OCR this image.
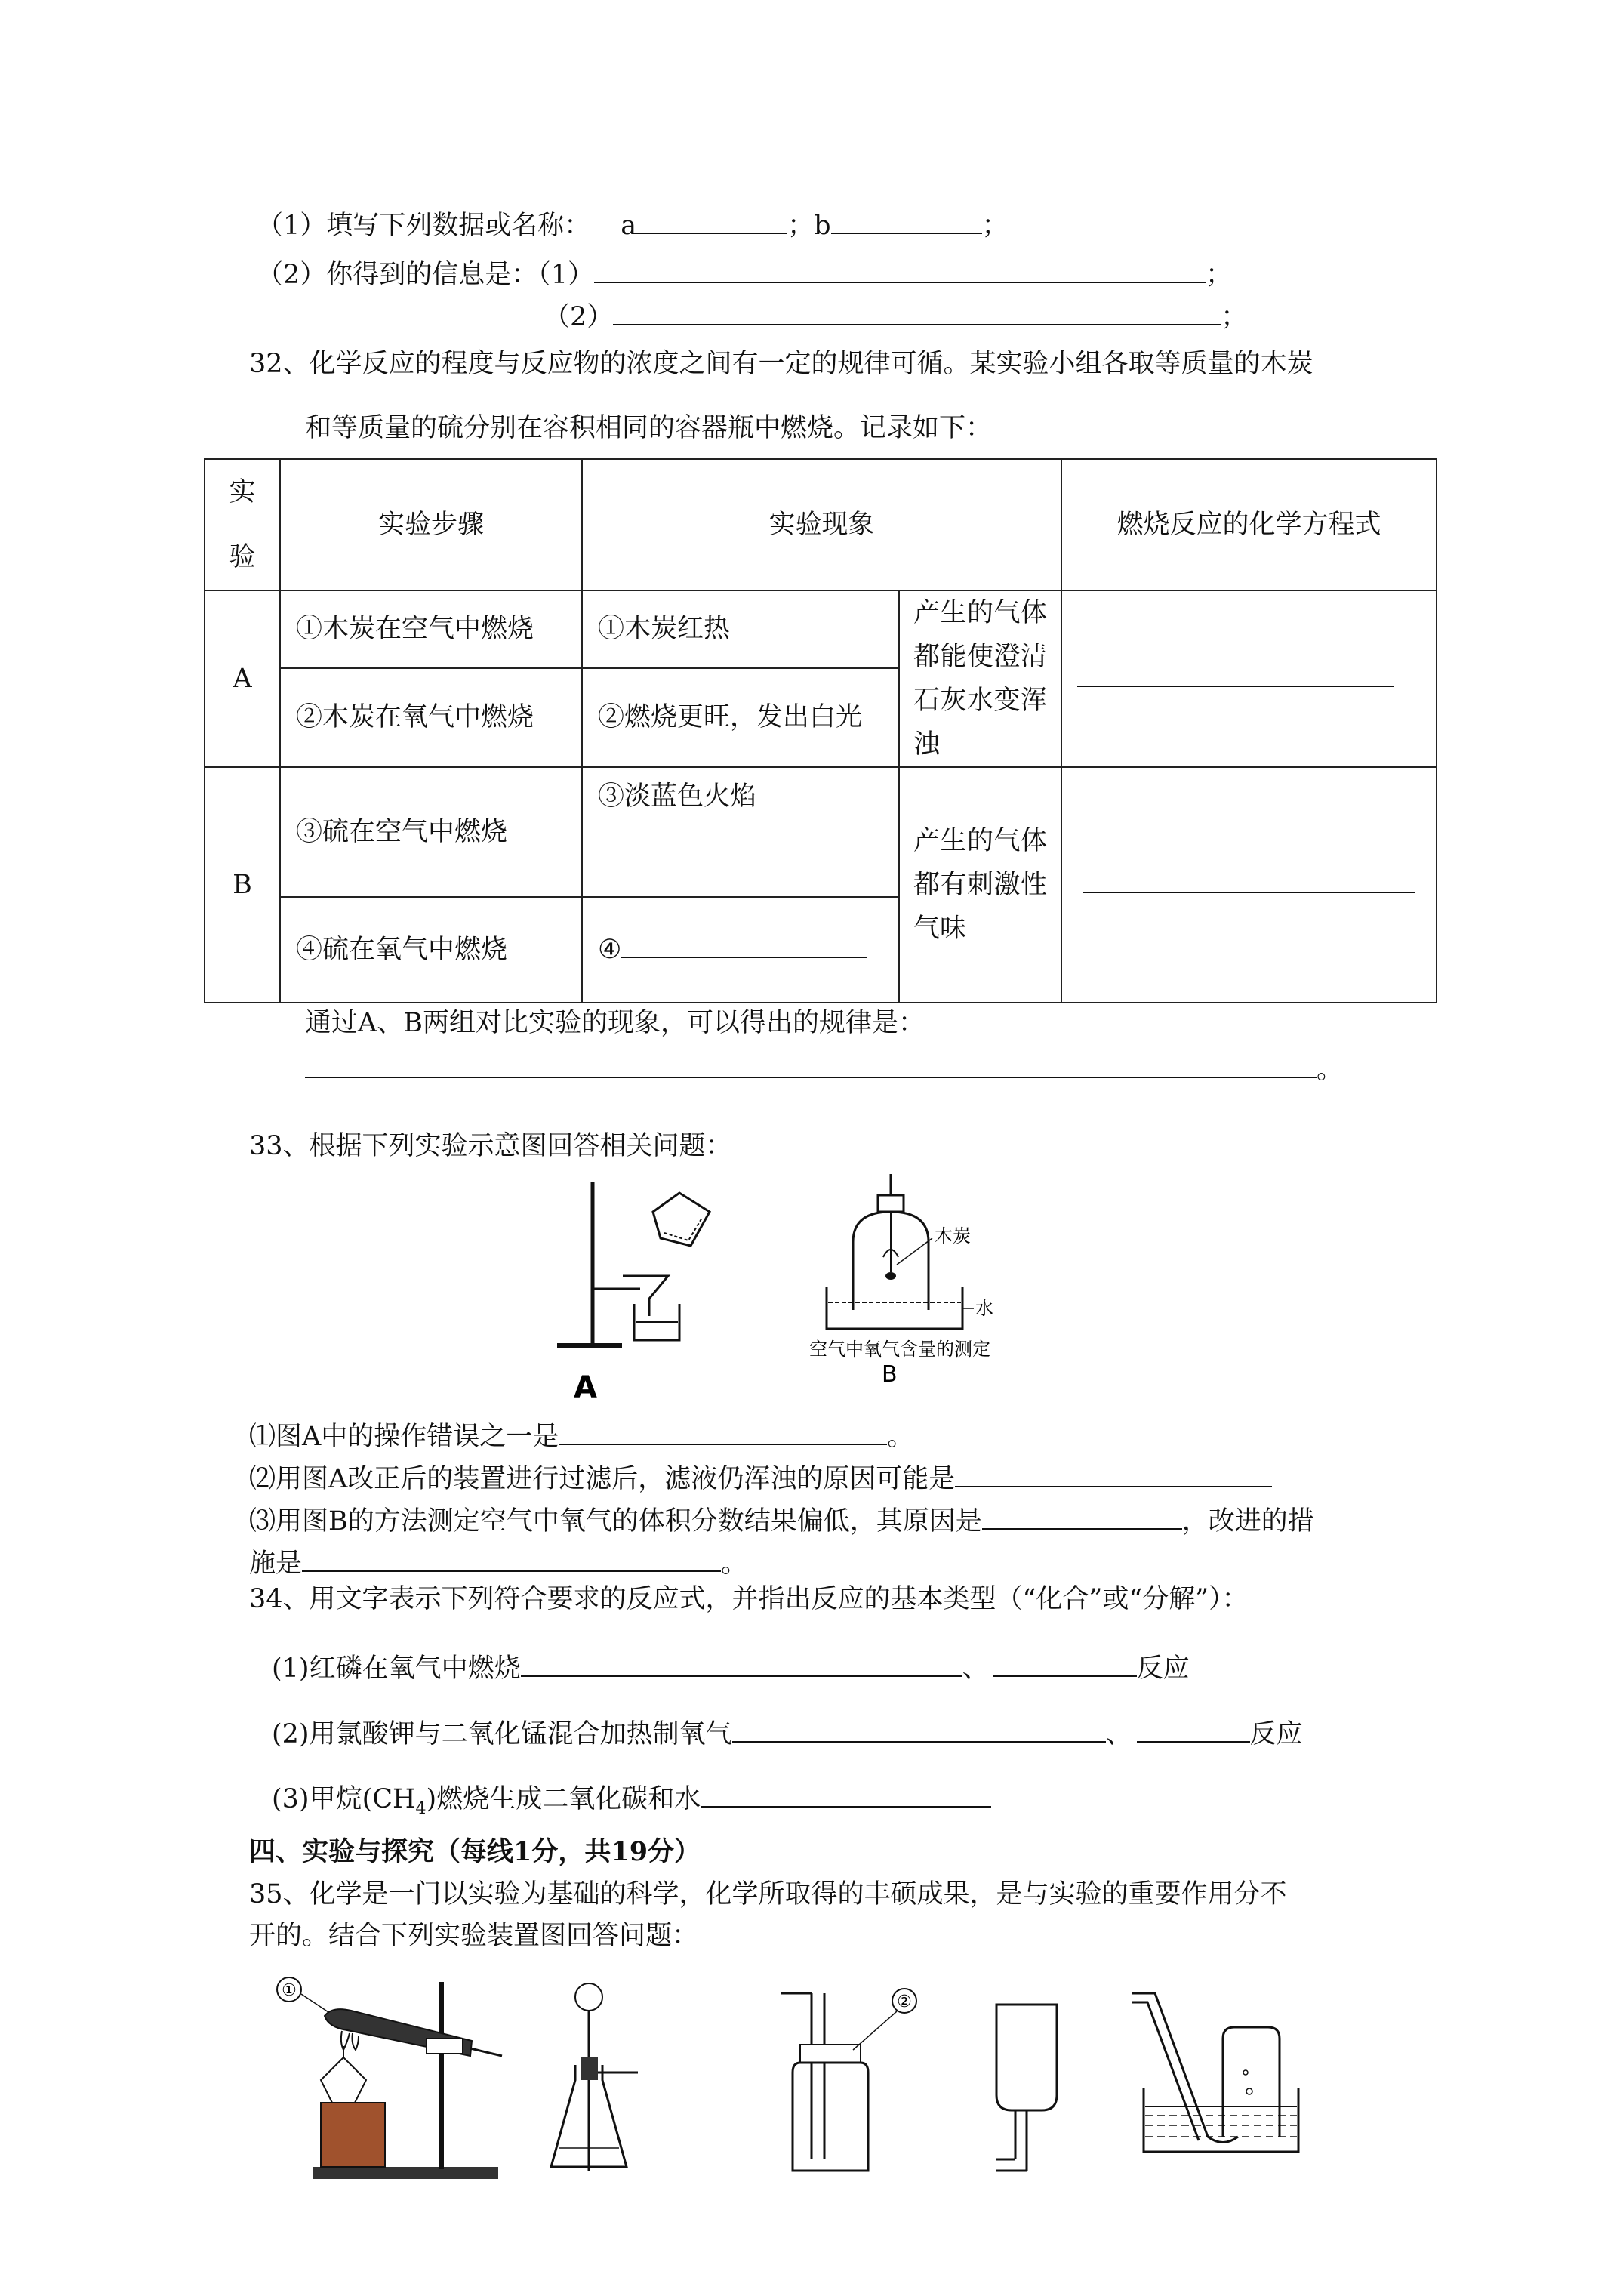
（1）填写下列数据或名称： a	；b	；
（2）你得到的信息是：（1）	；
（2）	；
32、化学反应的程度与反应物的浓度之间有一定的规律可循。某实验小组各取等质量的木炭
和等质量的硫分别在容积相同的容器瓶中燃烧。记录如下：
实
验	实验步骤	实验现象		燃烧反应的化学方程式
A	①木炭在空气中燃烧	①木炭红热	产生的气体都能使澄清石灰水变浑浊	
	②木炭在氧气中燃烧	②燃烧更旺，发出白光		
B	③硫在空气中燃烧	③淡蓝色火焰	产生的气体都有刺激性气味	
	④硫在氧气中燃烧	④		
通过A、B两组对比实验的现象，可以得出的规律是：
。
33、根据下列实验示意图回答相关问题：
A
木炭
水
空气中氧气含量的测定
B
⑴图A中的操作错误之一是	。
⑵用图A改正后的装置进行过滤后，滤液仍浑浊的原因可能是
⑶用图B的方法测定空气中氧气的体积分数结果偏低，其原因是	，改进的措
施是	。
34、用文字表示下列符合要求的反应式，并指出反应的基本类型（“化合”或“分解”）：
(1)红磷在氧气中燃烧	、	反应
(2)用氯酸钾与二氧化锰混合加热制氧气	、	反应
(3)甲烷$(CH_4)$燃烧生成二氧化碳和水
四、实验与探究（每线1分，共19分）
35、化学是一门以实验为基础的科学，化学所取得的丰硕成果，是与实验的重要作用分不
开的。结合下列实验装置图回答问题：
①
②
